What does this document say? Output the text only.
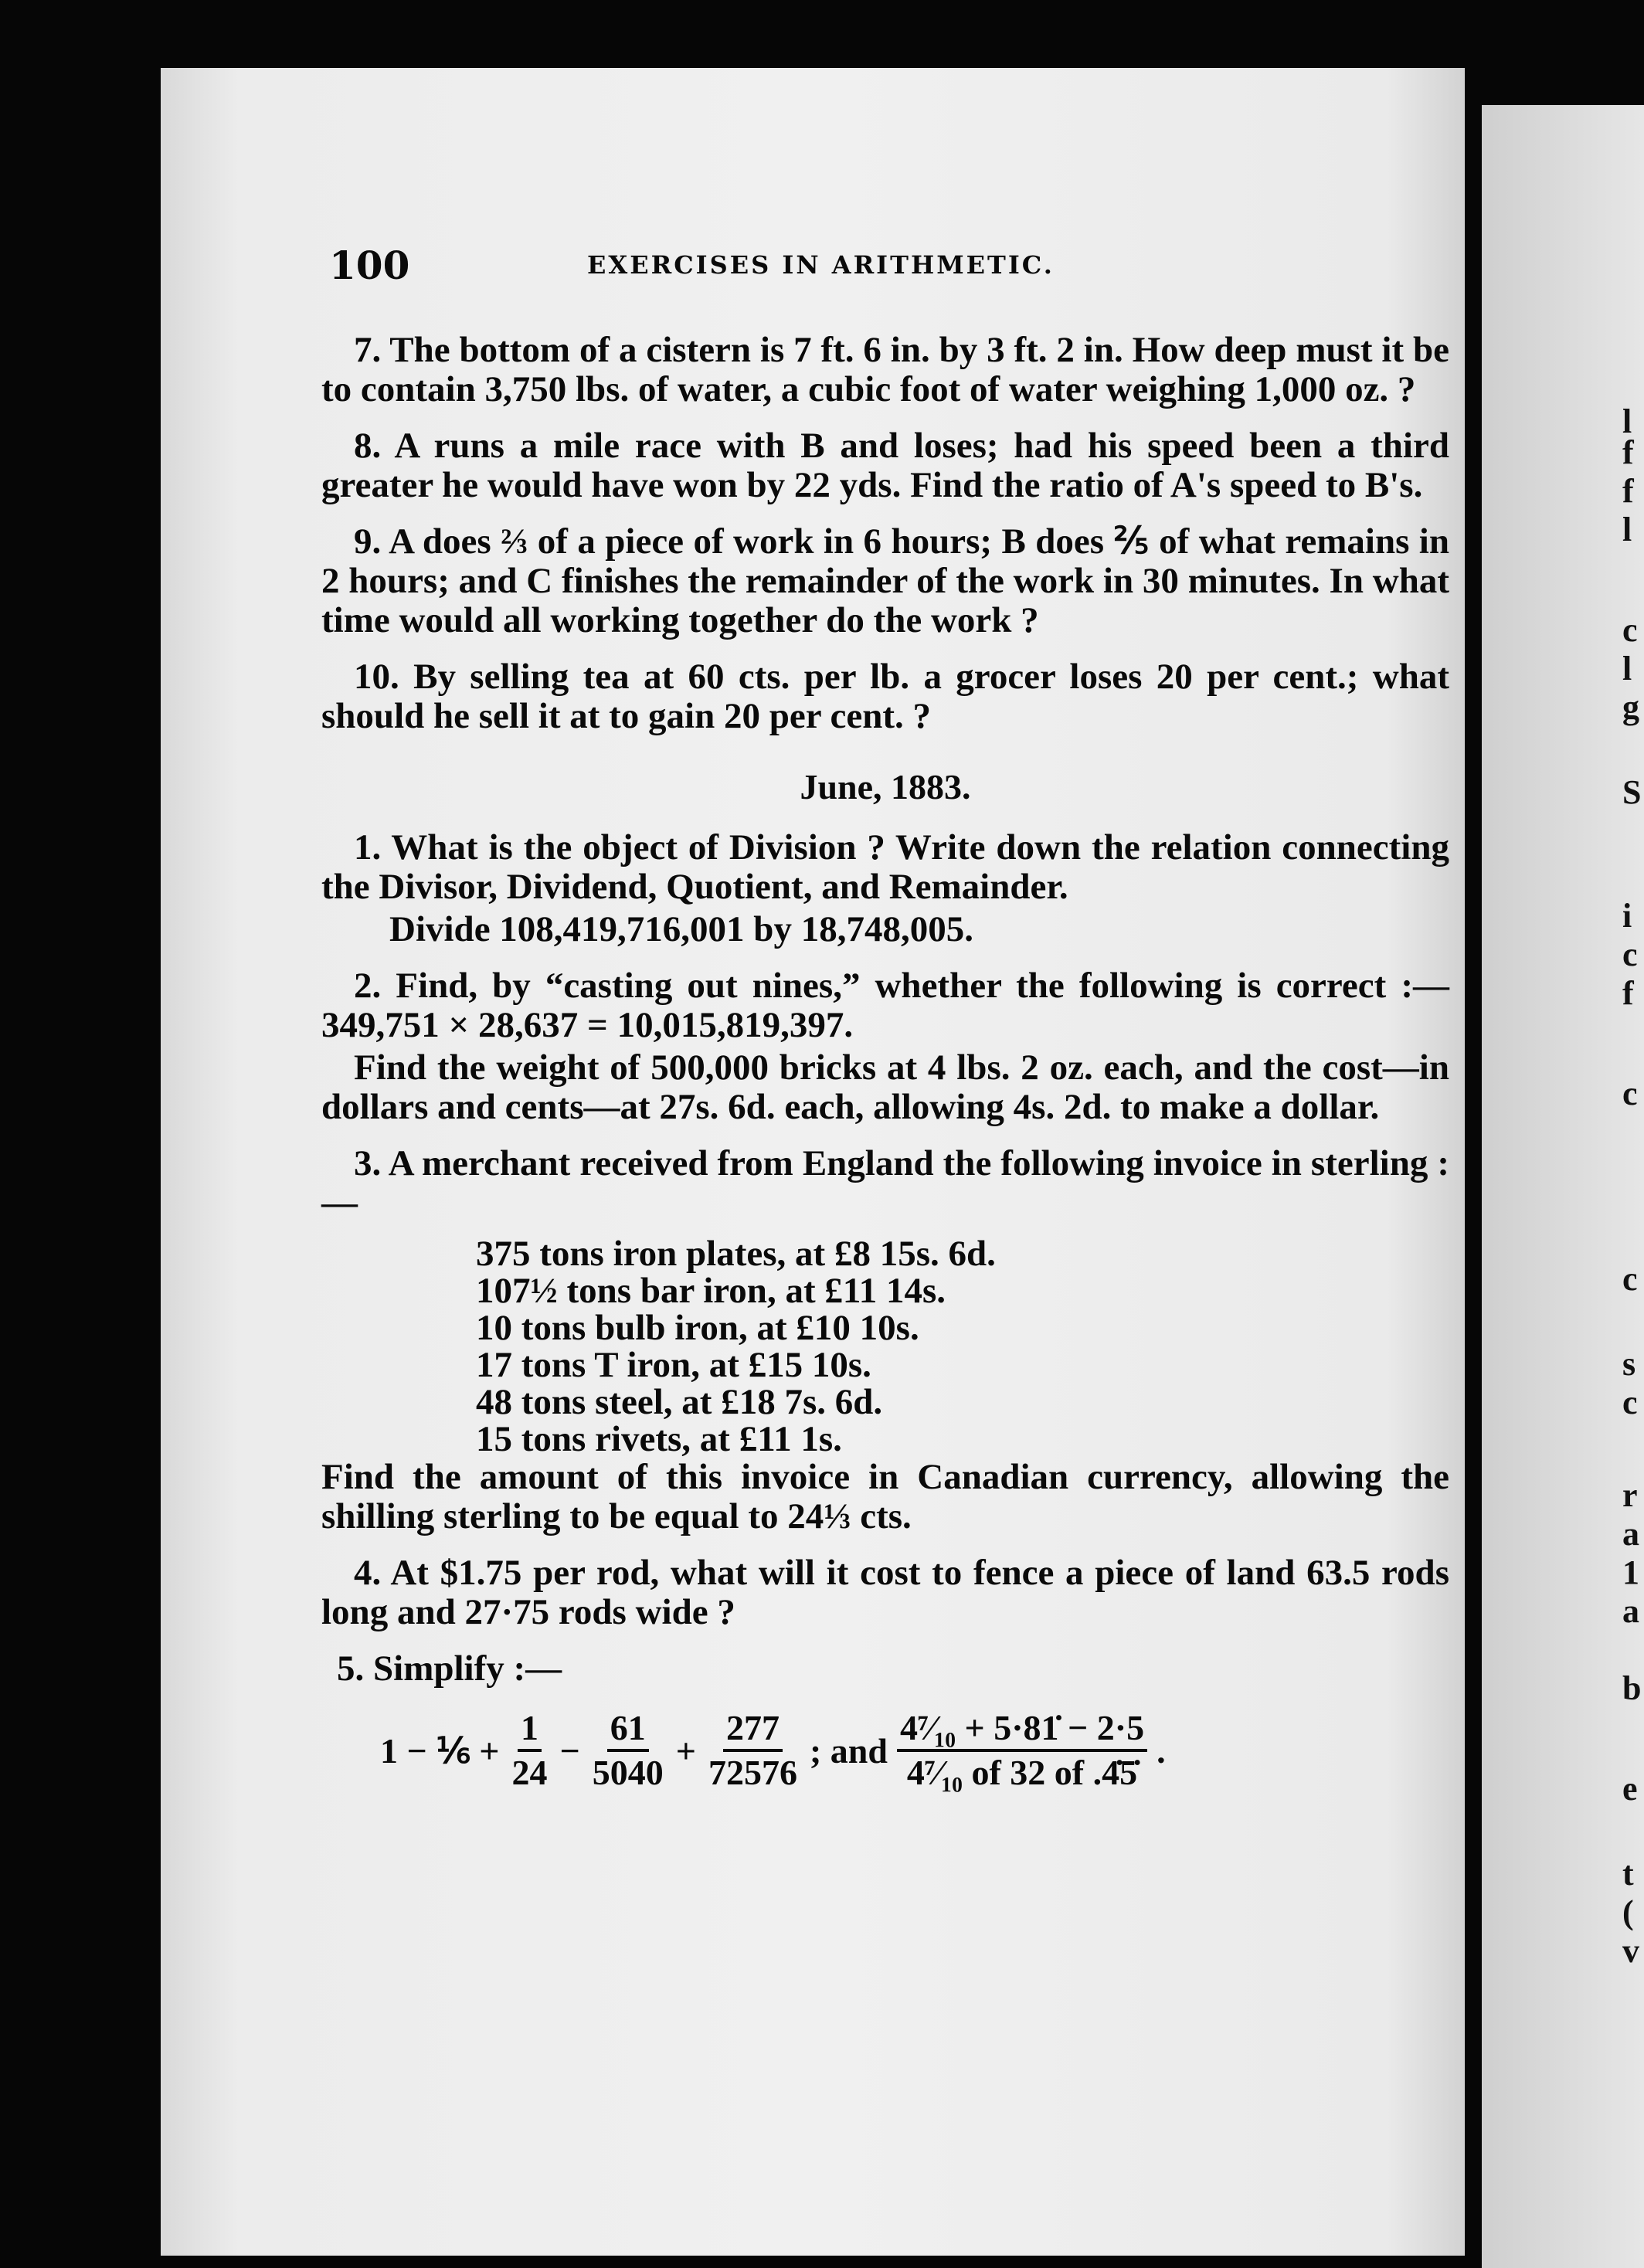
l
f
f
l
c
l
g
S
i
c
f
c
c
s
c
r
a
1
a
b
e
t
(
v
100	EXERCISES IN ARITHMETIC.

7. The bottom of a cistern is 7 ft. 6 in. by 3 ft. 2 in. How deep must it be to contain 3,750 lbs. of water, a cubic foot of water weighing 1,000 oz. ?

8. A runs a mile race with B and loses; had his speed been a third greater he would have won by 22 yds. Find the ratio of A's speed to B's.

9. A does ⅔ of a piece of work in 6 hours; B does ⅖ of what remains in 2 hours; and C finishes the remainder of the work in 30 minutes. In what time would all working together do the work ?

10. By selling tea at 60 cts. per lb. a grocer loses 20 per cent.; what should he sell it at to gain 20 per cent. ?

June, 1883.

1. What is the object of Division ? Write down the relation connecting the Divisor, Dividend, Quotient, and Remainder.

Divide 108,419,716,001 by 18,748,005.

2. Find, by “casting out nines,” whether the following is correct :—349,751 × 28,637 = 10,015,819,397.

Find the weight of 500,000 bricks at 4 lbs. 2 oz. each, and the cost—in dollars and cents—at 27s. 6d. each, allowing 4s. 2d. to make a dollar.

3. A merchant received from England the following invoice in sterling :—

375 tons iron plates, at £8 15s. 6d.
107½ tons bar iron, at £11 14s.
10 tons bulb iron, at £10 10s.
17 tons T iron, at £15 10s.
48 tons steel, at £18 7s. 6d.
15 tons rivets, at £11 1s.

Find the amount of this invoice in Canadian currency, allowing the shilling sterling to be equal to 24⅓ cts.

4. At $1.75 per rod, what will it cost to fence a piece of land 63.5 rods long and 27·75 rods wide ?

5. Simplify :—
1 − ⅙ + $\frac{1}{24} - \frac{61}{5040} + \frac{277}{72576}$ ; and $\frac{\text{4⁷⁄₁₀ + 5·81̇ − 2·5}}{\text{4⁷⁄₁₀ of 32 of .4̇5̇}}$ .
